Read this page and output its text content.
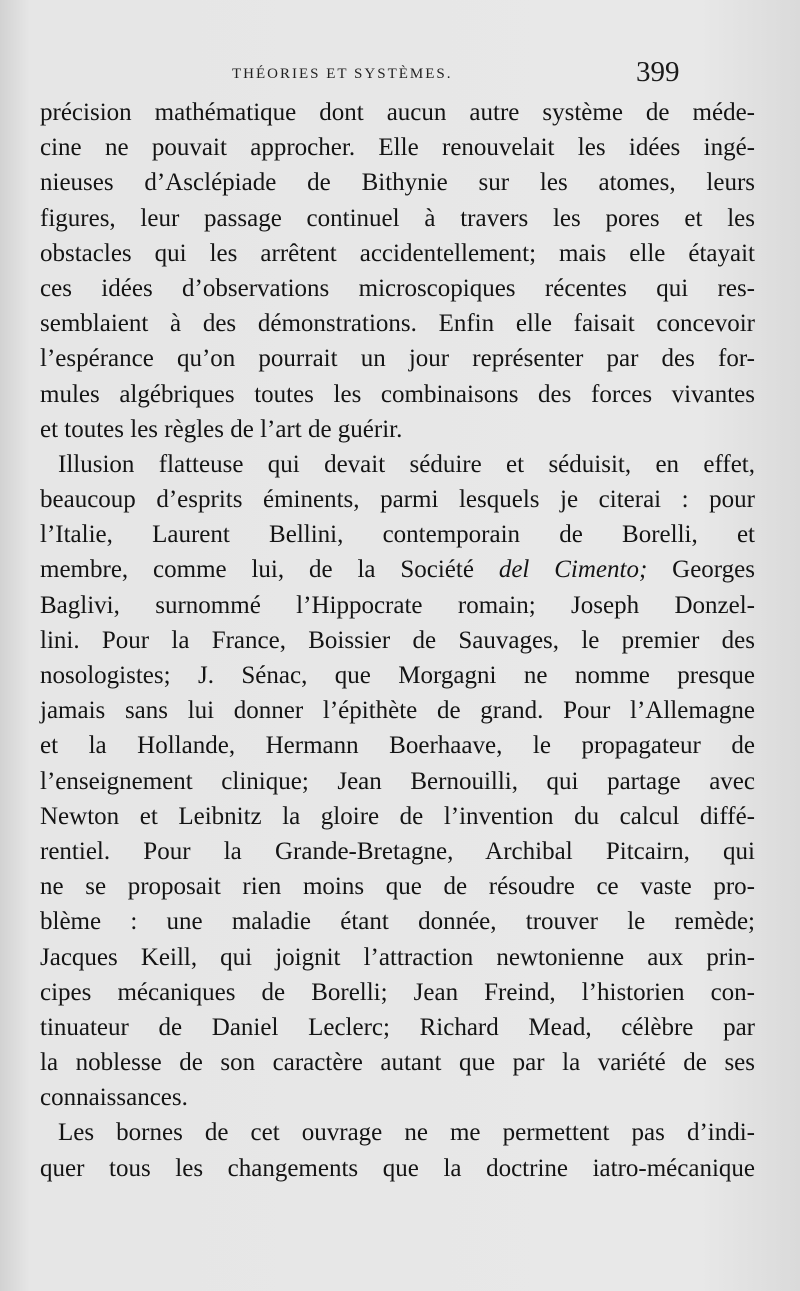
THÉORIES ET SYSTÈMES.	399
précision mathématique dont aucun autre système de méde-
cine ne pouvait approcher. Elle renouvelait les idées ingé-
nieuses d’Asclépiade de Bithynie sur les atomes, leurs
figures, leur passage continuel à travers les pores et les
obstacles qui les arrêtent accidentellement; mais elle étayait
ces idées d’observations microscopiques récentes qui res-
semblaient à des démonstrations. Enfin elle faisait concevoir
l’espérance qu’on pourrait un jour représenter par des for-
mules algébriques toutes les combinaisons des forces vivantes
et toutes les règles de l’art de guérir.
Illusion flatteuse qui devait séduire et séduisit, en effet,
beaucoup d’esprits éminents, parmi lesquels je citerai : pour
l’Italie, Laurent Bellini, contemporain de Borelli, et
membre, comme lui, de la Société del Cimento; Georges
Baglivi, surnommé l’Hippocrate romain; Joseph Donzel-
lini. Pour la France, Boissier de Sauvages, le premier des
nosologistes; J. Sénac, que Morgagni ne nomme presque
jamais sans lui donner l’épithète de grand. Pour l’Allemagne
et la Hollande, Hermann Boerhaave, le propagateur de
l’enseignement clinique; Jean Bernouilli, qui partage avec
Newton et Leibnitz la gloire de l’invention du calcul diffé-
rentiel. Pour la Grande-Bretagne, Archibal Pitcairn, qui
ne se proposait rien moins que de résoudre ce vaste pro-
blème : une maladie étant donnée, trouver le remède;
Jacques Keill, qui joignit l’attraction newtonienne aux prin-
cipes mécaniques de Borelli; Jean Freind, l’historien con-
tinuateur de Daniel Leclerc; Richard Mead, célèbre par
la noblesse de son caractère autant que par la variété de ses
connaissances.
Les bornes de cet ouvrage ne me permettent pas d’indi-
quer tous les changements que la doctrine iatro-mécanique
